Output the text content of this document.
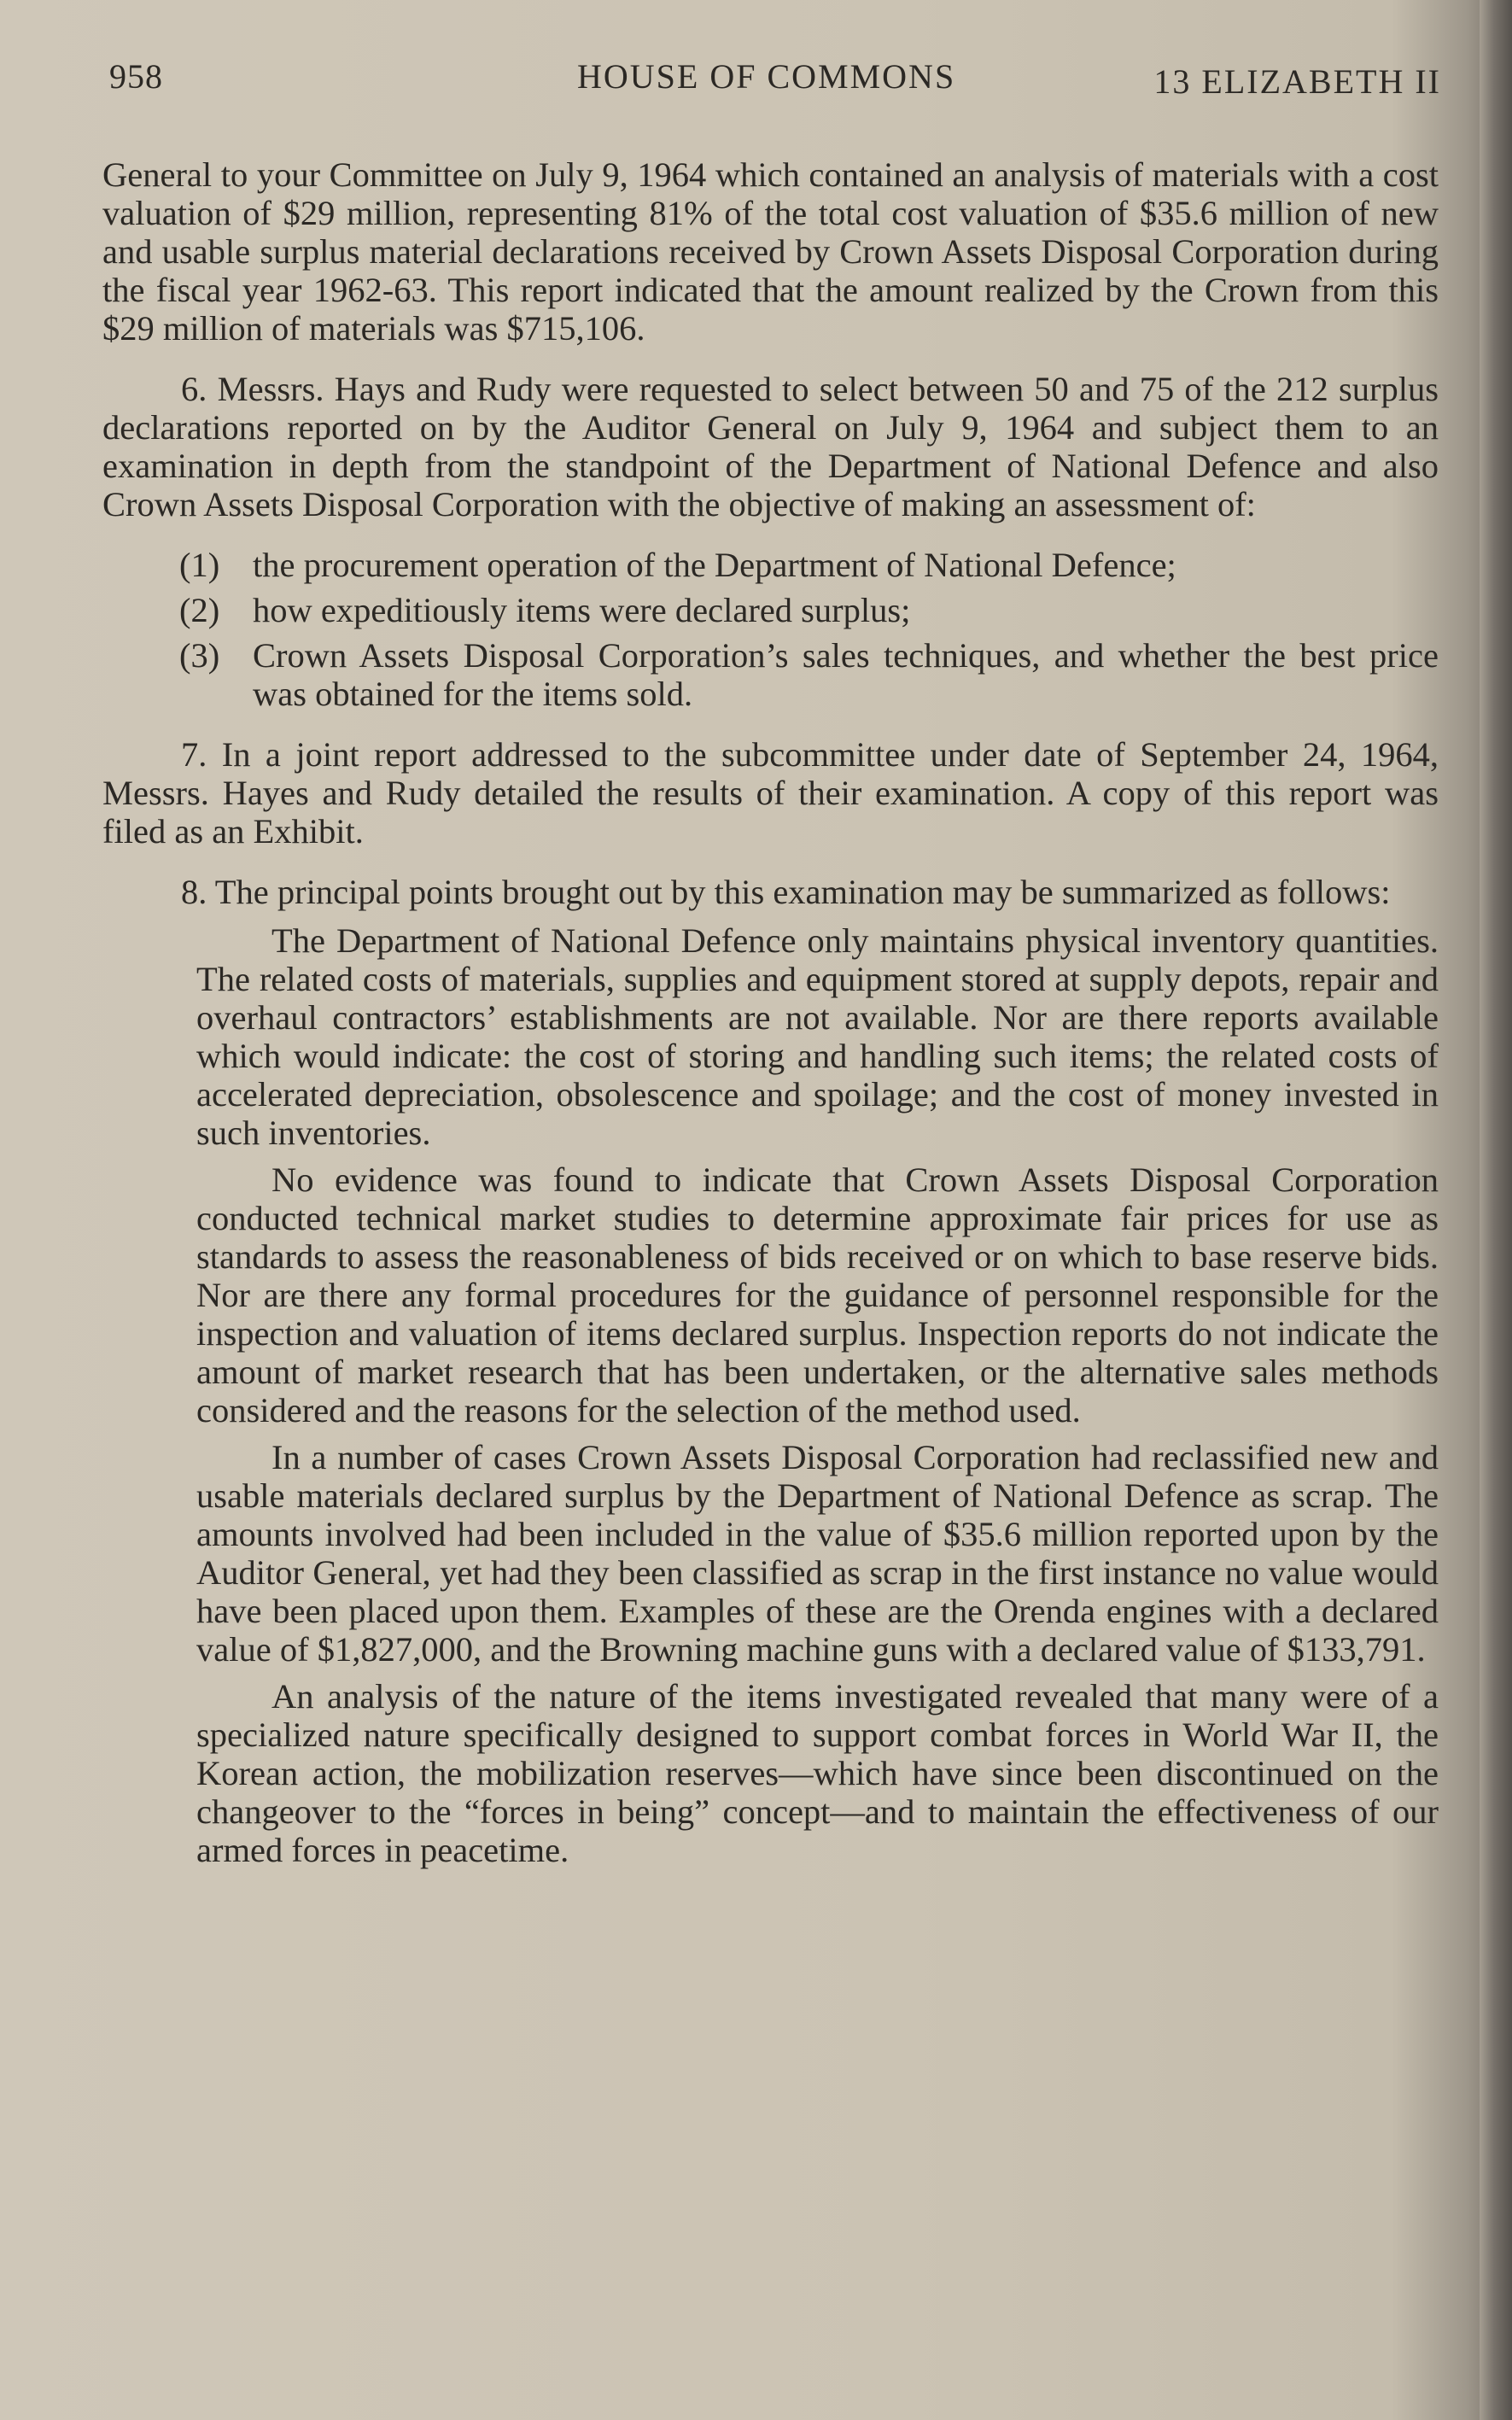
958	HOUSE OF COMMONS	13 ELIZABETH II

General to your Committee on July 9, 1964 which contained an analysis of materials with a cost valuation of $29 million, representing 81% of the total cost valuation of $35.6 million of new and usable surplus material declarations received by Crown Assets Disposal Corporation during the fiscal year 1962-63. This report indicated that the amount realized by the Crown from this $29 million of materials was $715,106.

6. Messrs. Hays and Rudy were requested to select between 50 and 75 of the 212 surplus declarations reported on by the Auditor General on July 9, 1964 and subject them to an examination in depth from the standpoint of the Department of National Defence and also Crown Assets Disposal Corporation with the objective of making an assessment of:

(1) the procurement operation of the Department of National Defence;
(2) how expeditiously items were declared surplus;
(3) Crown Assets Disposal Corporation’s sales techniques, and whether the best price was obtained for the items sold.

7. In a joint report addressed to the subcommittee under date of September 24, 1964, Messrs. Hayes and Rudy detailed the results of their examination. A copy of this report was filed as an Exhibit.

8. The principal points brought out by this examination may be summarized as follows:

The Department of National Defence only maintains physical inventory quantities. The related costs of materials, supplies and equipment stored at supply depots, repair and overhaul contractors’ establishments are not available. Nor are there reports available which would indicate: the cost of storing and handling such items; the related costs of accelerated depreciation, obsolescence and spoilage; and the cost of money invested in such inventories.

No evidence was found to indicate that Crown Assets Disposal Corporation conducted technical market studies to determine approximate fair prices for use as standards to assess the reasonableness of bids received or on which to base reserve bids. Nor are there any formal procedures for the guidance of personnel responsible for the inspection and valuation of items declared surplus. Inspection reports do not indicate the amount of market research that has been undertaken, or the alternative sales methods considered and the reasons for the selection of the method used.

In a number of cases Crown Assets Disposal Corporation had reclassified new and usable materials declared surplus by the Department of National Defence as scrap. The amounts involved had been included in the value of $35.6 million reported upon by the Auditor General, yet had they been classified as scrap in the first instance no value would have been placed upon them. Examples of these are the Orenda engines with a declared value of $1,827,000, and the Browning machine guns with a declared value of $133,791.

An analysis of the nature of the items investigated revealed that many were of a specialized nature specifically designed to support combat forces in World War II, the Korean action, the mobilization reserves—which have since been discontinued on the changeover to the “forces in being” concept—and to maintain the effectiveness of our armed forces in peacetime.
